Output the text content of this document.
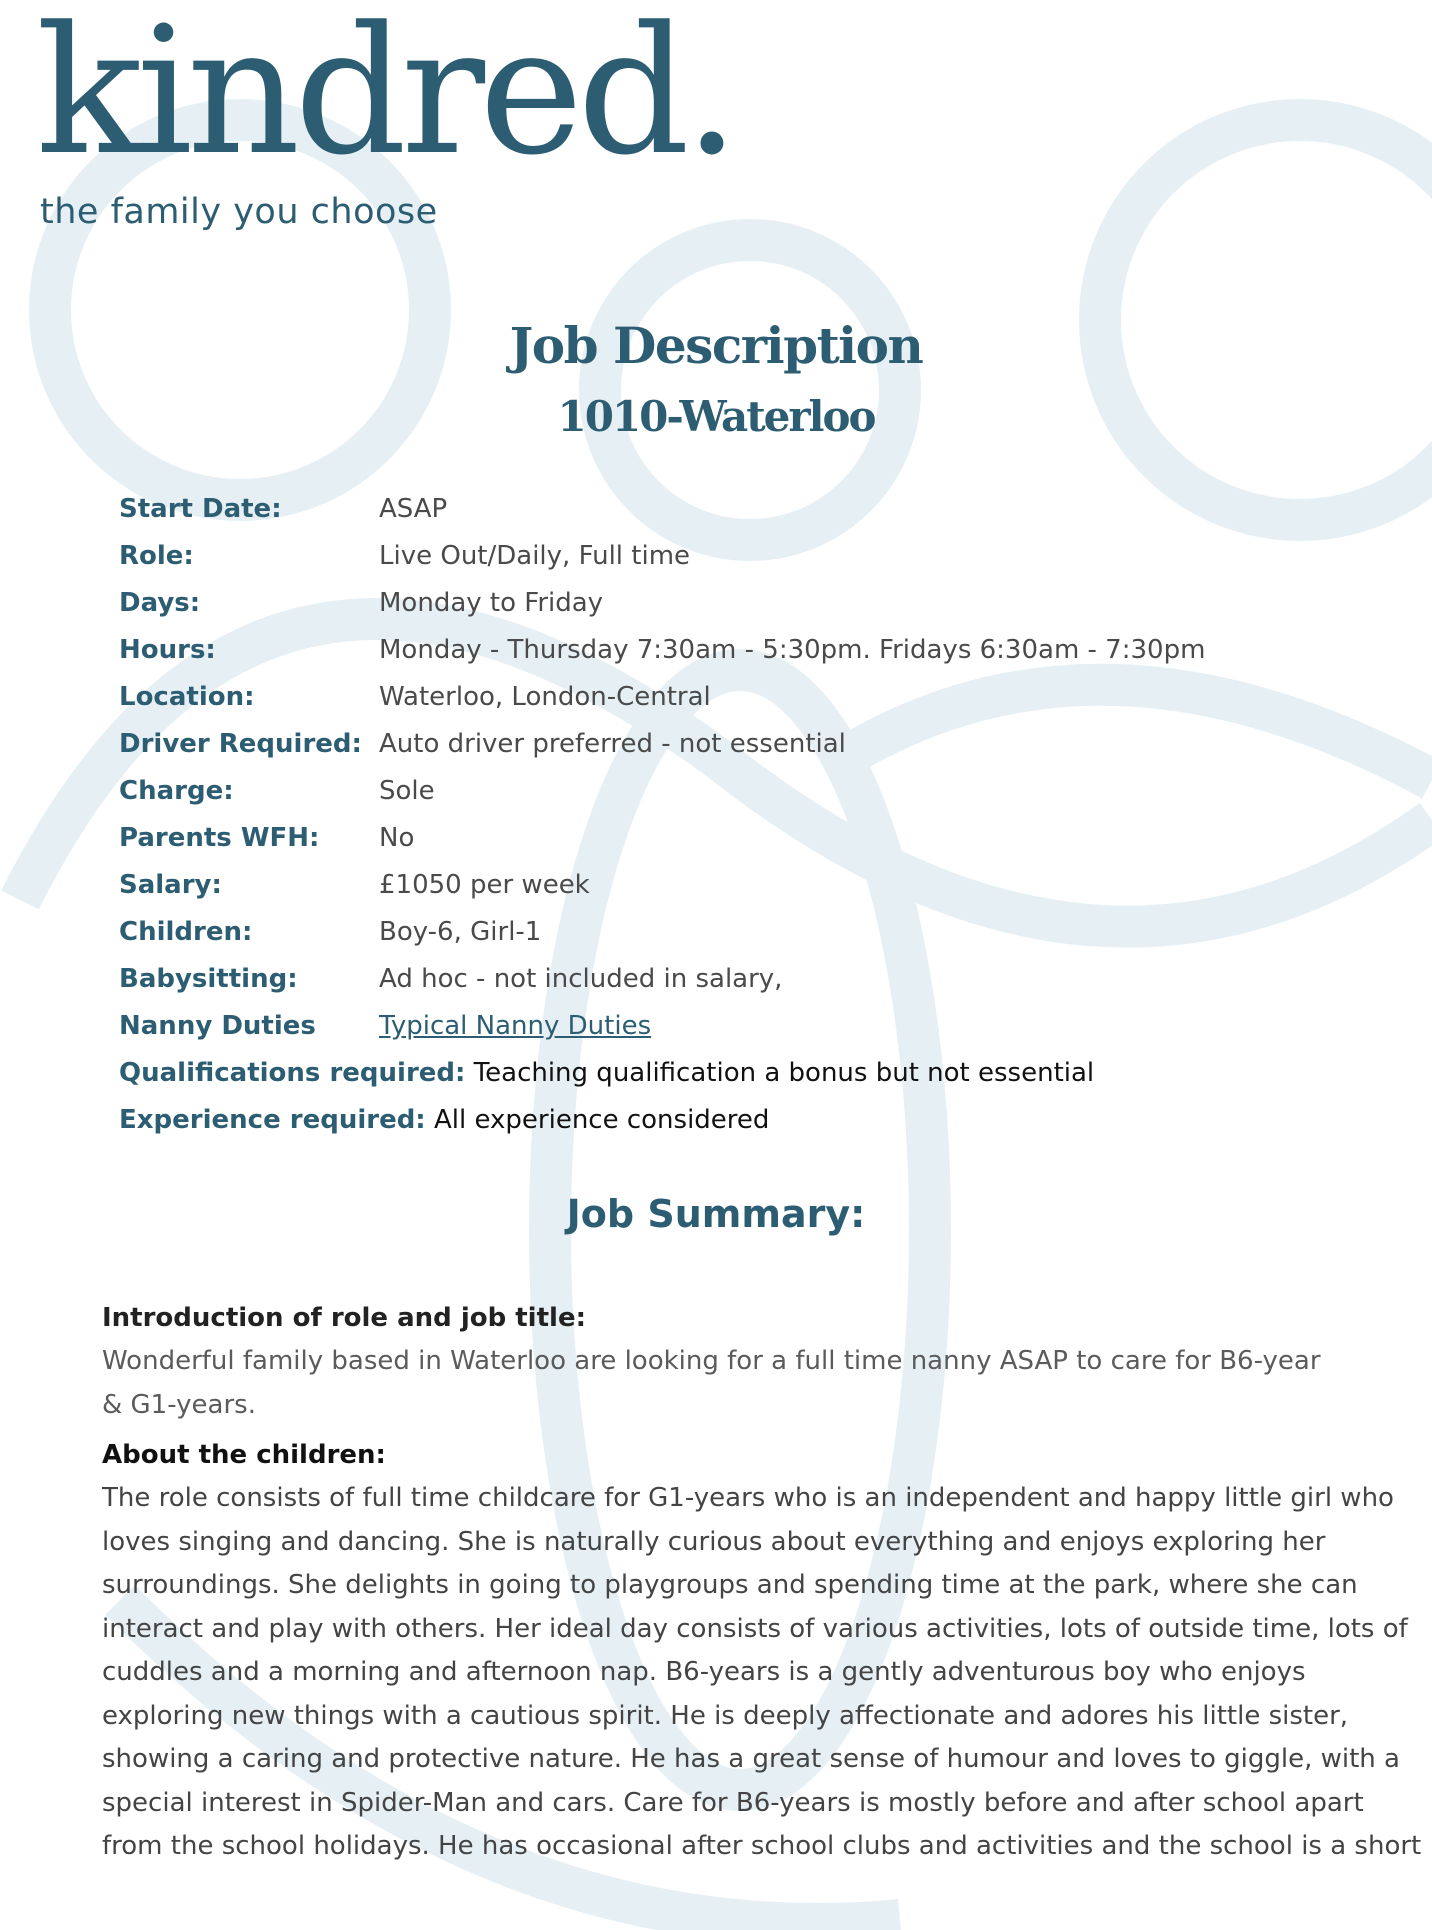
kindred.
the family you choose
Job Description
1010-Waterloo
Start Date:	ASAP
Role:	Live Out/Daily, Full time
Days:	Monday to Friday
Hours:	Monday - Thursday 7:30am - 5:30pm. Fridays 6:30am - 7:30pm
Location:	Waterloo, London-Central
Driver Required: Auto driver preferred - not essential
Charge:	Sole
Parents WFH: No
Salary:	£1050 per week
Children:	Boy-6, Girl-1
Babysitting:	Ad hoc - not included in salary,
Nanny Duties Typical Nanny Duties
Qualifications required: Teaching qualification a bonus but not essential
Experience required: All experience considered
Job Summary:
Introduction of role and job title:

Wonderful family based in Waterloo are looking for a full time nanny ASAP to care for B6-year
& G1-years.

About the children:

The role consists of full time childcare for G1-years who is an independent and happy little girl who
loves singing and dancing. She is naturally curious about everything and enjoys exploring her
surroundings. She delights in going to playgroups and spending time at the park, where she can
interact and play with others. Her ideal day consists of various activities, lots of outside time, lots of
cuddles and a morning and afternoon nap. B6-years is a gently adventurous boy who enjoys
exploring new things with a cautious spirit. He is deeply affectionate and adores his little sister,
showing a caring and protective nature. He has a great sense of humour and loves to giggle, with a
special interest in Spider-Man and cars. Care for B6-years is mostly before and after school apart
from the school holidays. He has occasional after school clubs and activities and the school is a short
